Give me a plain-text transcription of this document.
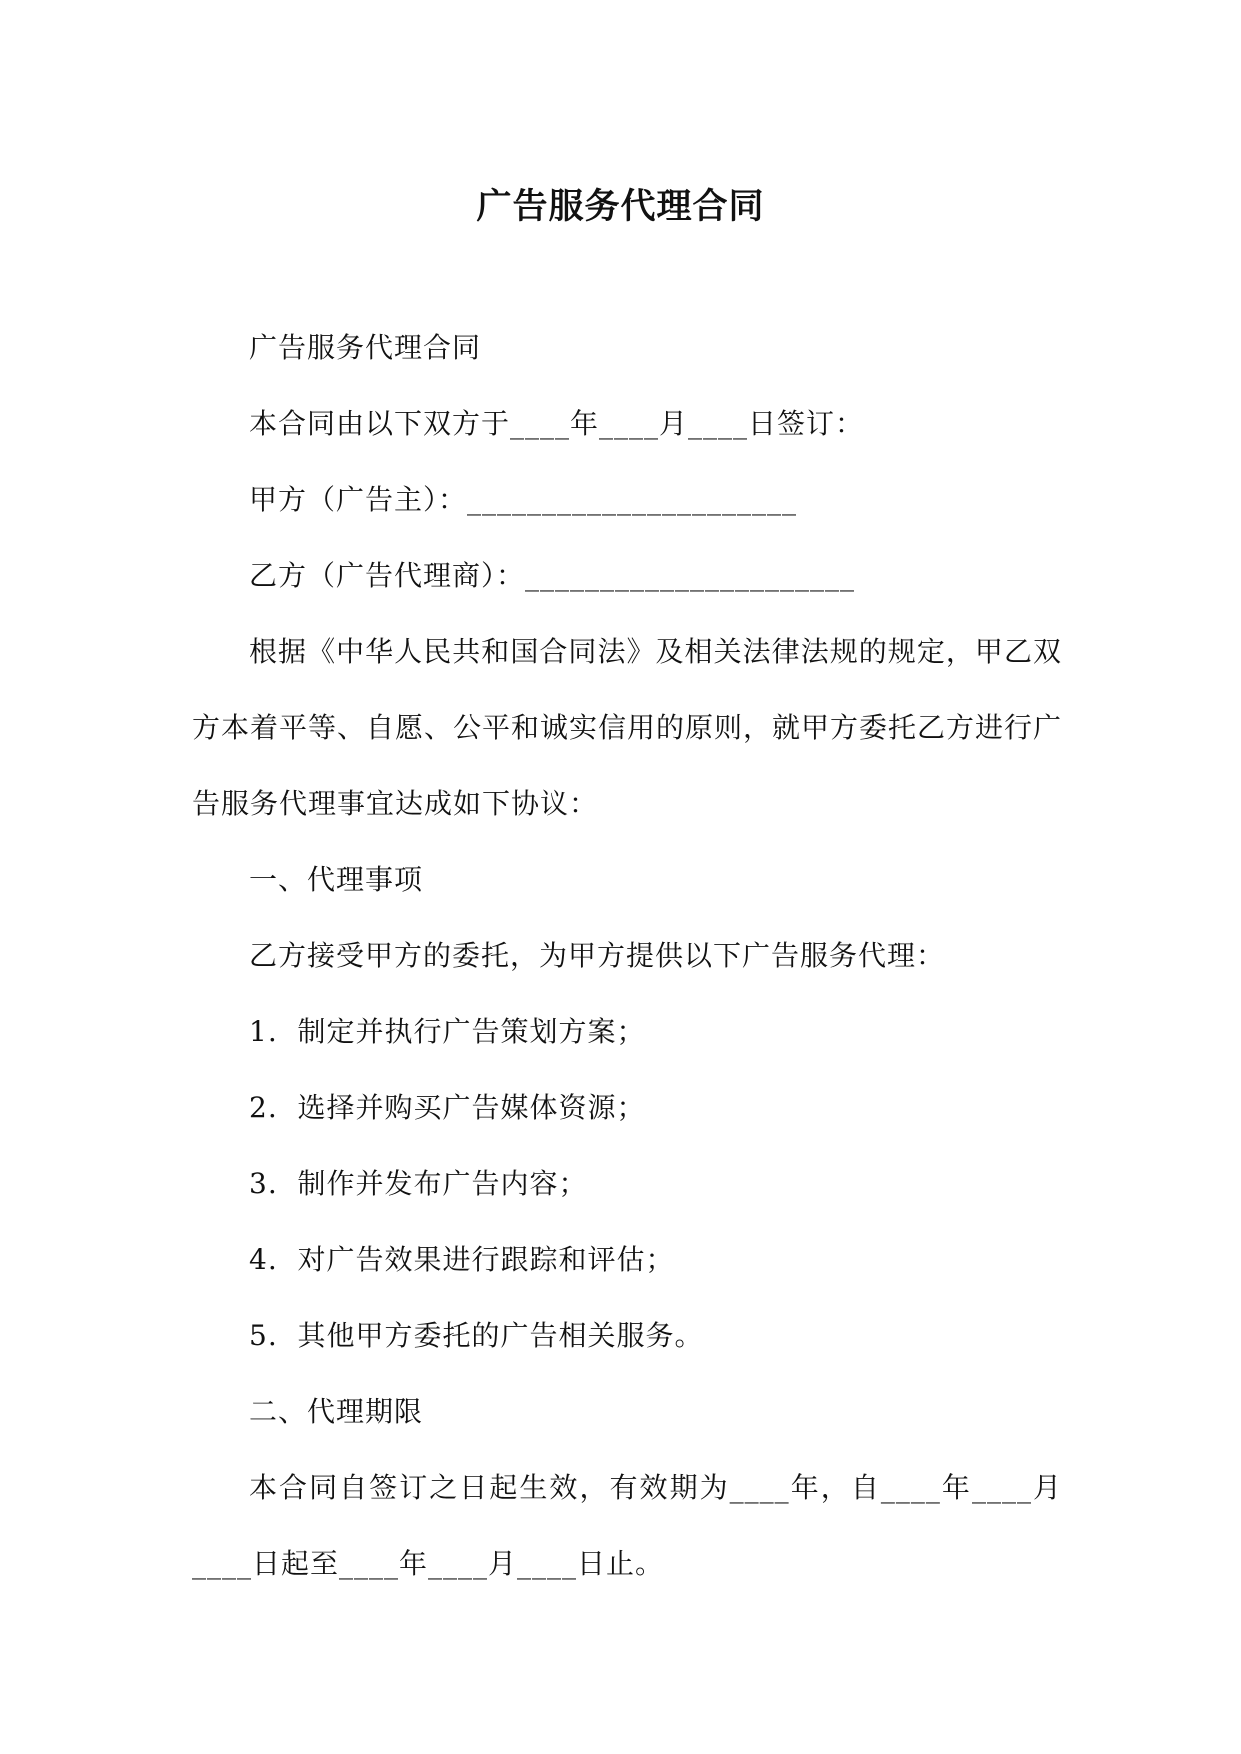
广告服务代理合同

广告服务代理合同

本合同由以下双方于____年____月____日签订：

甲方（广告主）：______________________

乙方（广告代理商）：______________________

根据《中华人民共和国合同法》及相关法律法规的规定，甲乙双方本着平等、自愿、公平和诚实信用的原则，就甲方委托乙方进行广告服务代理事宜达成如下协议：

一、代理事项

乙方接受甲方的委托，为甲方提供以下广告服务代理：

1.  制定并执行广告策划方案；

2.  选择并购买广告媒体资源；

3.  制作并发布广告内容；

4.  对广告效果进行跟踪和评估；

5.  其他甲方委托的广告相关服务。

二、代理期限

本合同自签订之日起生效，有效期为____年，自____年____月____日起至____年____月____日止。
